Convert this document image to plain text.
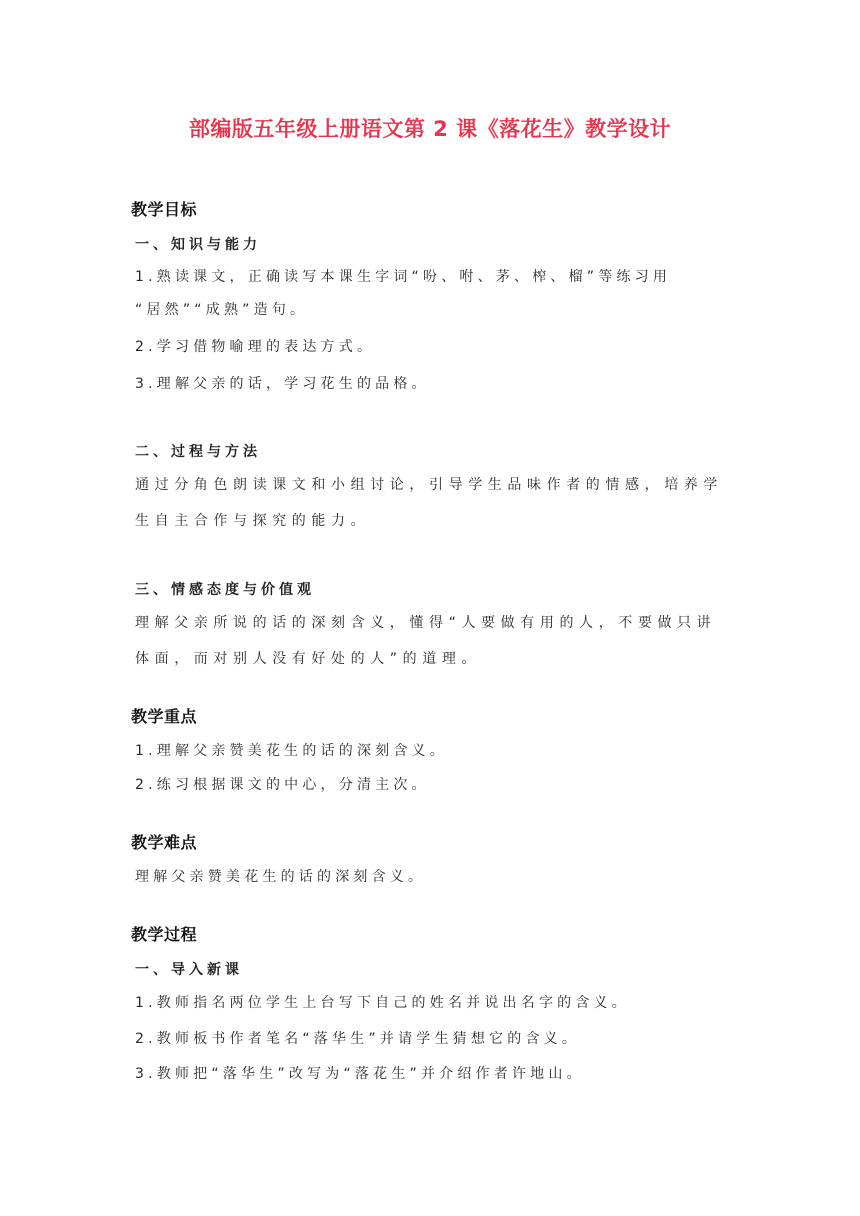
部编版五年级上册语文第 2 课《落花生》教学设计
教学目标
一、知识与能力
1.熟读课文，正确读写本课生字词“吩、咐、茅、榨、榴”等练习用
“居然”“成熟”造句。
2.学习借物喻理的表达方式。
3.理解父亲的话，学习花生的品格。
二、过程与方法
通过分角色朗读课文和小组讨论，引导学生品味作者的情感，培养学
生自主合作与探究的能力。
三、情感态度与价值观
理解父亲所说的话的深刻含义，懂得“人要做有用的人，不要做只讲
体面，而对别人没有好处的人”的道理。
教学重点
1.理解父亲赞美花生的话的深刻含义。
2.练习根据课文的中心，分清主次。
教学难点
理解父亲赞美花生的话的深刻含义。
教学过程
一、导入新课
1.教师指名两位学生上台写下自己的姓名并说出名字的含义。
2.教师板书作者笔名“落华生”并请学生猜想它的含义。
3.教师把“落华生”改写为“落花生”并介绍作者许地山。
